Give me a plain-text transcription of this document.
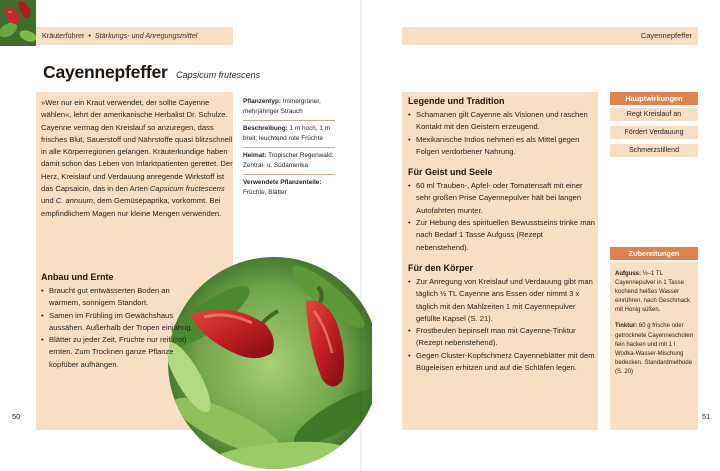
Kräuterführer • Stärkungs- und Anregungsmittel	Cayennepfeffer
Cayennepfeffer Capsicum frutescens

»Wer nur ein Kraut verwendet, der sollte Cayenne wählen«, lehrt der amerikanische Herbalist Dr. Schulze. Cayenne vermag den Kreislauf so anzuregen, dass frisches Blut, Sauerstoff und Nährstoffe quasi blitzschnell in alle Körperregionen gelangen. Kräuterkundige haben damit schon das Leben von Infarktpatienten gerettet. Der Herz, Kreislauf und Verdauung anregende Wirkstoff ist das Capsaicin, das in den Arten Capsicum fructescens und C. annuum, dem Gemüsepaprika, vorkommt. Bei empfindlichem Magen nur kleine Mengen verwenden.

Pflanzentyp: Immergrüner, mehrjähriger Strauch
Beschreibung: 1 m hoch, 1 m breit; leuchtend rote Früchte
Heimat: Tropischer Regenwald; Zentral- u. Südamerika
Verwendete Pflanzenteile: Früchte, Blätter
Anbau und Ernte
• Braucht gut entwässerten Boden an warmem, sonnigem Standort.
• Samen im Frühling im Gewächshaus aussähen. Außerhalb der Tropen einjährig.
• Blätter zu jeder Zeit, Früchte nur reif (rot) ernten. Zum Trocknen ganze Pflanze kopfüber aufhängen.
Legende und Tradition
• Schamanen gilt Cayenne als Visionen und raschen Kontakt mit den Geistern erzeugend.
• Mexikanische Indios nehmen es als Mittel gegen Folgen verdorbener Nahrung.
Für Geist und Seele
• 60 ml Trauben-, Apfel- oder Tomatensaft mit einer sehr großen Prise Cayennepulver hält bei langen Autofahrten munter.
• Zur Hebung des spirituellen Bewusstseins trinke man nach Bedarf 1 Tasse Aufguss (Rezept nebenstehend).
Für den Körper
• Zur Anregung von Kreislauf und Verdauung gibt man täglich ½ TL Cayenne ans Essen oder nimmt 3 x täglich mit den Mahlzeiten 1 mit Cayennepulver gefüllte Kapsel (S. 21).
• Frostbeulen bepinselt man mit Cayenne-Tinktur (Rezept nebenstehend).
• Gegen Cluster-Kopfschmerz Cayenneblätter mit dem Bügeleisen erhitzen und auf die Schläfen legen.
Hauptwirkungen
Regt Kreislauf an
Fördert Verdauung
Schmerzstillend
Zubereitungen

Aufguss: ½–1 TL Cayennepulver in 1 Tasse kochend heißes Wasser einrühren, nach Geschmack mit Honig süßen.

Tinktur: 60 g frische oder getrocknete Cayenneschoten fein hacken und mit 1 l Wodka-Wasser-Mischung bedecken. Standardmethode (S. 20)

50	51
